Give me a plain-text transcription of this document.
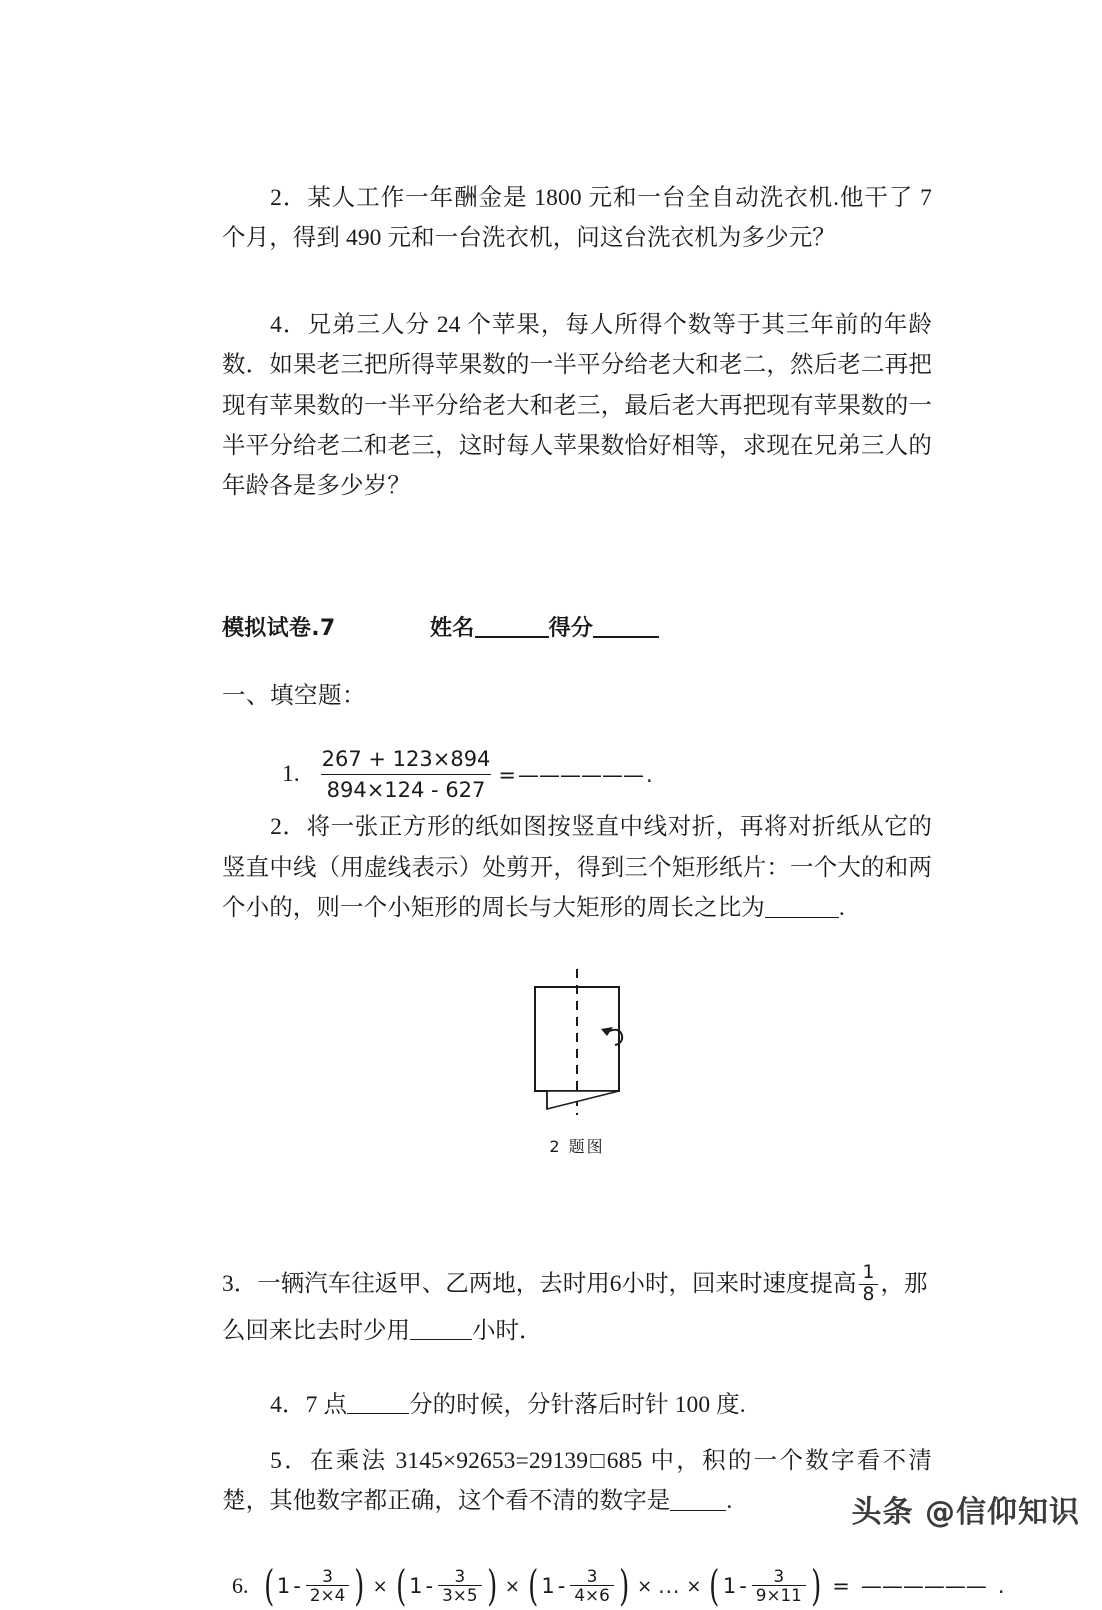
2．某人工作一年酬金是 1800 元和一台全自动洗衣机.他干了 7 个月，得到 490 元和一台洗衣机，问这台洗衣机为多少元？
4．兄弟三人分 24 个苹果，每人所得个数等于其三年前的年龄数．如果老三把所得苹果数的一半平分给老大和老二，然后老二再把现有苹果数的一半平分给老大和老三，最后老大再把现有苹果数的一半平分给老二和老三，这时每人苹果数恰好相等，求现在兄弟三人的年龄各是多少岁？
模拟试卷.7	姓名	得分
一、填空题：
1. $\frac{267 + 123\times 894}{894\times 124 - 627}$ = —————— .
2．将一张正方形的纸如图按竖直中线对折，再将对折纸从它的竖直中线（用虚线表示）处剪开，得到三个矩形纸片：一个大的和两个小的，则一个小矩形的周长与大矩形的周长之比为	.
2 题图
3．一辆汽车往返甲、乙两地，去时用6小时，回来时速度提高 $\frac{1}{8}$ ，那
么回来比去时少用	小时．
4．7 点	分的时候，分针落后时针 100 度.
5．在乘法 3145×92653=29139□685 中，积的一个数字看不清楚，其他数字都正确，这个看不清的数字是 .
6. ( $1 - \frac{3}{2\times 4}$ ) × ( $1 - \frac{3}{3\times 5}$ ) × ( $1 - \frac{3}{4\times 6}$ ) × ... × ( $1 - \frac{3}{9\times 11}$ ) = —————— .
头条 @信仰知识
